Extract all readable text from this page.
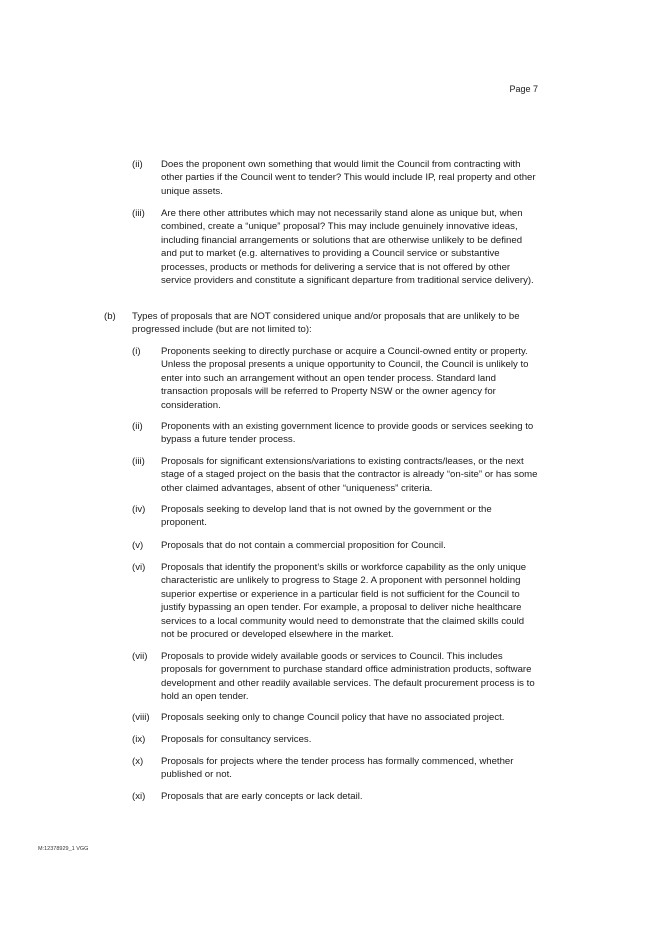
Page 7
(ii) Does the proponent own something that would limit the Council from contracting with other parties if the Council went to tender? This would include IP, real property and other unique assets.
(iii) Are there other attributes which may not necessarily stand alone as unique but, when combined, create a “unique” proposal? This may include genuinely innovative ideas, including financial arrangements or solutions that are otherwise unlikely to be defined and put to market (e.g. alternatives to providing a Council service or substantive processes, products or methods for delivering a service that is not offered by other service providers and constitute a significant departure from traditional service delivery).
(b) Types of proposals that are NOT considered unique and/or proposals that are unlikely to be progressed include (but are not limited to):
(i) Proponents seeking to directly purchase or acquire a Council-owned entity or property. Unless the proposal presents a unique opportunity to Council, the Council is unlikely to enter into such an arrangement without an open tender process. Standard land transaction proposals will be referred to Property NSW or the owner agency for consideration.
(ii) Proponents with an existing government licence to provide goods or services seeking to bypass a future tender process.
(iii) Proposals for significant extensions/variations to existing contracts/leases, or the next stage of a staged project on the basis that the contractor is already “on-site” or has some other claimed advantages, absent of other “uniqueness” criteria.
(iv) Proposals seeking to develop land that is not owned by the government or the proponent.
(v) Proposals that do not contain a commercial proposition for Council.
(vi) Proposals that identify the proponent’s skills or workforce capability as the only unique characteristic are unlikely to progress to Stage 2. A proponent with personnel holding superior expertise or experience in a particular field is not sufficient for the Council to justify bypassing an open tender. For example, a proposal to deliver niche healthcare services to a local community would need to demonstrate that the claimed skills could not be procured or developed elsewhere in the market.
(vii) Proposals to provide widely available goods or services to Council. This includes proposals for government to purchase standard office administration products, software development and other readily available services. The default procurement process is to hold an open tender.
(viii) Proposals seeking only to change Council policy that have no associated project.
(ix) Proposals for consultancy services.
(x) Proposals for projects where the tender process has formally commenced, whether published or not.
(xi) Proposals that are early concepts or lack detail.
M:12378929_1 VGG
